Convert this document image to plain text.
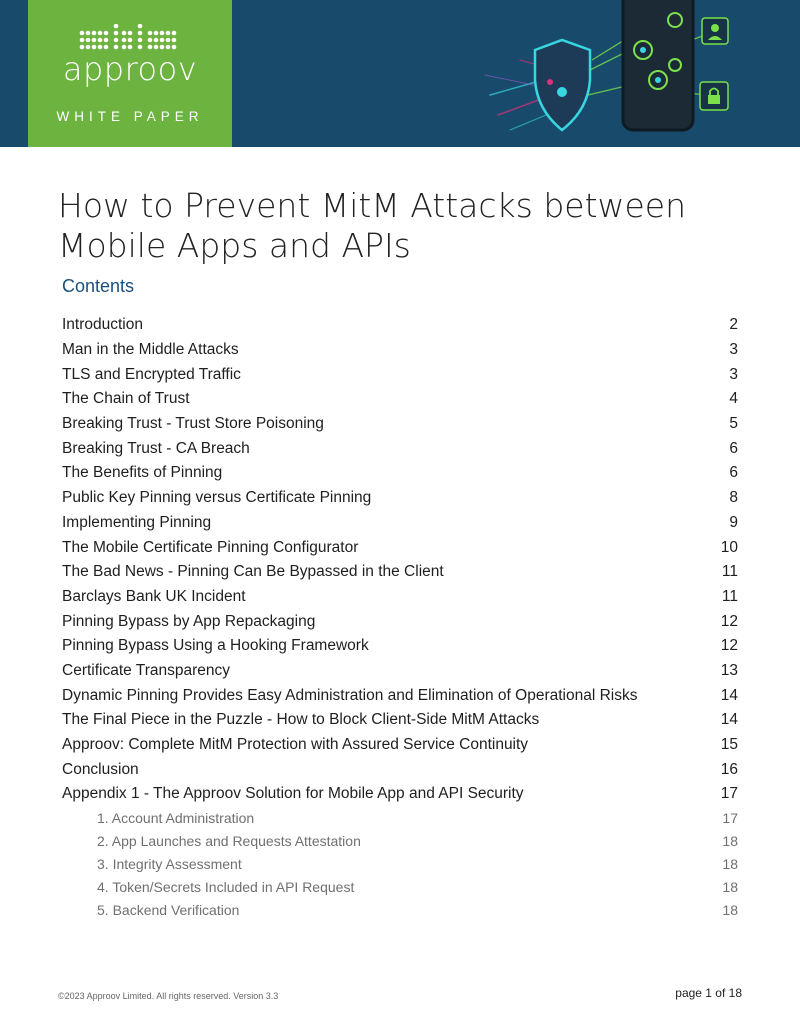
approov
WHITE PAPER
How to Prevent MitM Attacks between Mobile Apps and APIs
Contents
Introduction	2
Man in the Middle Attacks	3
TLS and Encrypted Traffic	3
The Chain of Trust	4
Breaking Trust - Trust Store Poisoning	5
Breaking Trust - CA Breach	6
The Benefits of Pinning	6
Public Key Pinning versus Certificate Pinning	8
Implementing Pinning	9
The Mobile Certificate Pinning Configurator	10
The Bad News - Pinning Can Be Bypassed in the Client	11
Barclays Bank UK Incident	11
Pinning Bypass by App Repackaging	12
Pinning Bypass Using a Hooking Framework	12
Certificate Transparency	13
Dynamic Pinning Provides Easy Administration and Elimination of Operational Risks	14
The Final Piece in the Puzzle - How to Block Client-Side MitM Attacks	14
Approov: Complete MitM Protection with Assured Service Continuity	15
Conclusion	16
Appendix 1 - The Approov Solution for Mobile App and API Security	17
1. Account Administration	17
2. App Launches and Requests Attestation	18
3. Integrity Assessment	18
4. Token/Secrets Included in API Request	18
5. Backend Verification	18
©2023 Approov Limited. All rights reserved. Version 3.3	page 1 of 18
